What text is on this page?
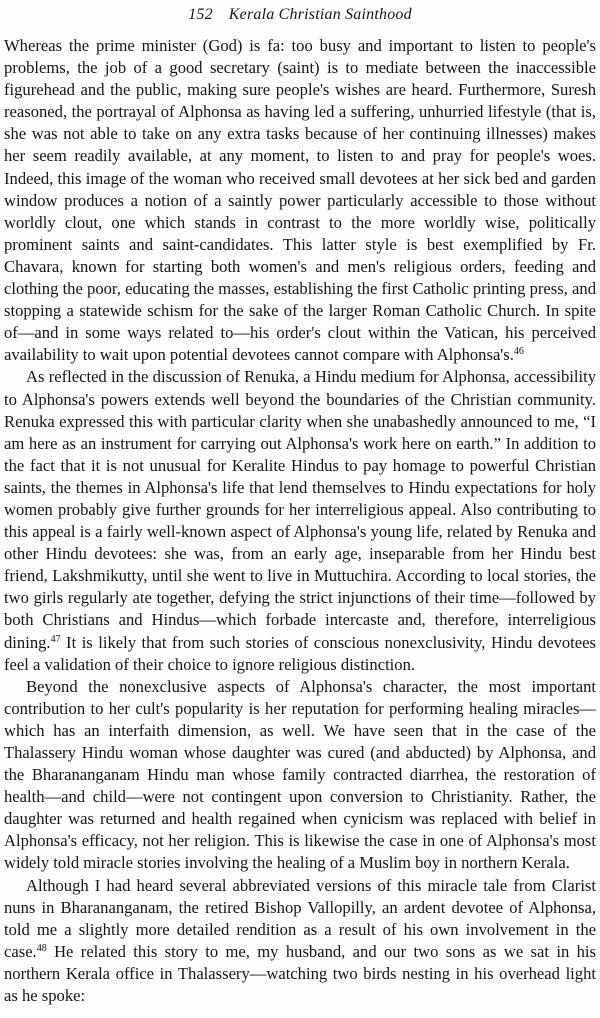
152 Kerala Christian Sainthood

Whereas the prime minister (God) is fa: too busy and important to listen to people's problems, the job of a good secretary (saint) is to mediate between the inaccessible figurehead and the public, making sure people's wishes are heard. Furthermore, Suresh reasoned, the portrayal of Alphonsa as having led a suffering, unhurried lifestyle (that is, she was not able to take on any extra tasks because of her continuing illnesses) makes her seem readily available, at any moment, to listen to and pray for people's woes. Indeed, this image of the woman who received small devotees at her sick bed and garden window produces a notion of a saintly power particularly accessible to those without worldly clout, one which stands in contrast to the more worldly wise, politically prominent saints and saint-candidates. This latter style is best exemplified by Fr. Chavara, known for starting both women's and men's religious orders, feeding and clothing the poor, educating the masses, establishing the first Catholic printing press, and stopping a statewide schism for the sake of the larger Roman Catholic Church. In spite of—and in some ways related to—his order's clout within the Vatican, his perceived availability to wait upon potential devotees cannot compare with Alphonsa's.$^{46}$

As reflected in the discussion of Renuka, a Hindu medium for Alphonsa, accessibility to Alphonsa's powers extends well beyond the boundaries of the Christian community. Renuka expressed this with particular clarity when she unabashedly announced to me, “I am here as an instrument for carrying out Alphonsa's work here on earth.” In addition to the fact that it is not unusual for Keralite Hindus to pay homage to powerful Christian saints, the themes in Alphonsa's life that lend themselves to Hindu expectations for holy women probably give further grounds for her interreligious appeal. Also contributing to this appeal is a fairly well-known aspect of Alphonsa's young life, related by Renuka and other Hindu devotees: she was, from an early age, inseparable from her Hindu best friend, Lakshmikutty, until she went to live in Muttuchira. According to local stories, the two girls regularly ate together, defying the strict injunctions of their time—followed by both Christians and Hindus—which forbade intercaste and, therefore, interreligious dining.$^{47}$ It is likely that from such stories of conscious nonexclusivity, Hindu devotees feel a validation of their choice to ignore religious distinction.

Beyond the nonexclusive aspects of Alphonsa's character, the most important contribution to her cult's popularity is her reputation for performing healing miracles—which has an interfaith dimension, as well. We have seen that in the case of the Thalassery Hindu woman whose daughter was cured (and abducted) by Alphonsa, and the Bharananganam Hindu man whose family contracted diarrhea, the restoration of health—and child—were not contingent upon conversion to Christianity. Rather, the daughter was returned and health regained when cynicism was replaced with belief in Alphonsa's efficacy, not her religion. This is likewise the case in one of Alphonsa's most widely told miracle stories involving the healing of a Muslim boy in northern Kerala.

Although I had heard several abbreviated versions of this miracle tale from Clarist nuns in Bharananganam, the retired Bishop Vallopilly, an ardent devotee of Alphonsa, told me a slightly more detailed rendition as a result of his own involvement in the case.$^{48}$ He related this story to me, my husband, and our two sons as we sat in his northern Kerala office in Thalassery—watching two birds nesting in his overhead light as he spoke:
